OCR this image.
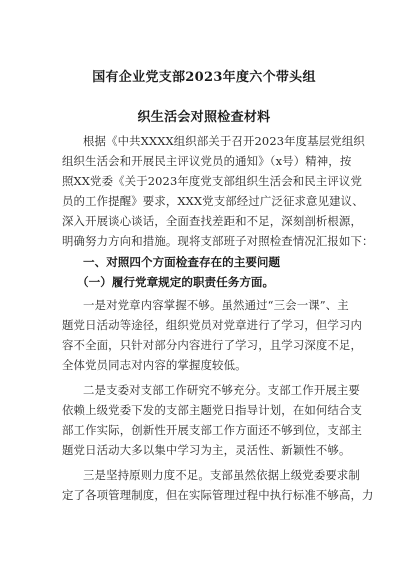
国有企业党支部2023年度六个带头组
织生活会对照检查材料
根据《中共XXXX组织部关于召开2023年度基层党组织
组织生活会和开展民主评议党员的通知》（x号）精神，按
照XX党委《关于2023年度党支部组织生活会和民主评议党
员的工作提醒》要求，XXX党支部经过广泛征求意见建议、
深入开展谈心谈话，全面查找差距和不足，深刻剖析根源，
明确努力方向和措施。现将支部班子对照检查情况汇报如下：
一、对照四个方面检查存在的主要问题
（一）履行党章规定的职责任务方面。
一是对党章内容掌握不够。虽然通过“三会一课”、主
题党日活动等途径，组织党员对党章进行了学习，但学习内
容不全面，只针对部分内容进行了学习，且学习深度不足，
全体党员同志对内容的掌握度较低。
二是支委对支部工作研究不够充分。支部工作开展主要
依赖上级党委下发的支部主题党日指导计划，在如何结合支
部工作实际，创新性开展支部工作方面还不够到位，支部主
题党日活动大多以集中学习为主，灵活性、新颖性不够。
三是坚持原则力度不足。支部虽然依据上级党委要求制
定了各项管理制度，但在实际管理过程中执行标准不够高，力
